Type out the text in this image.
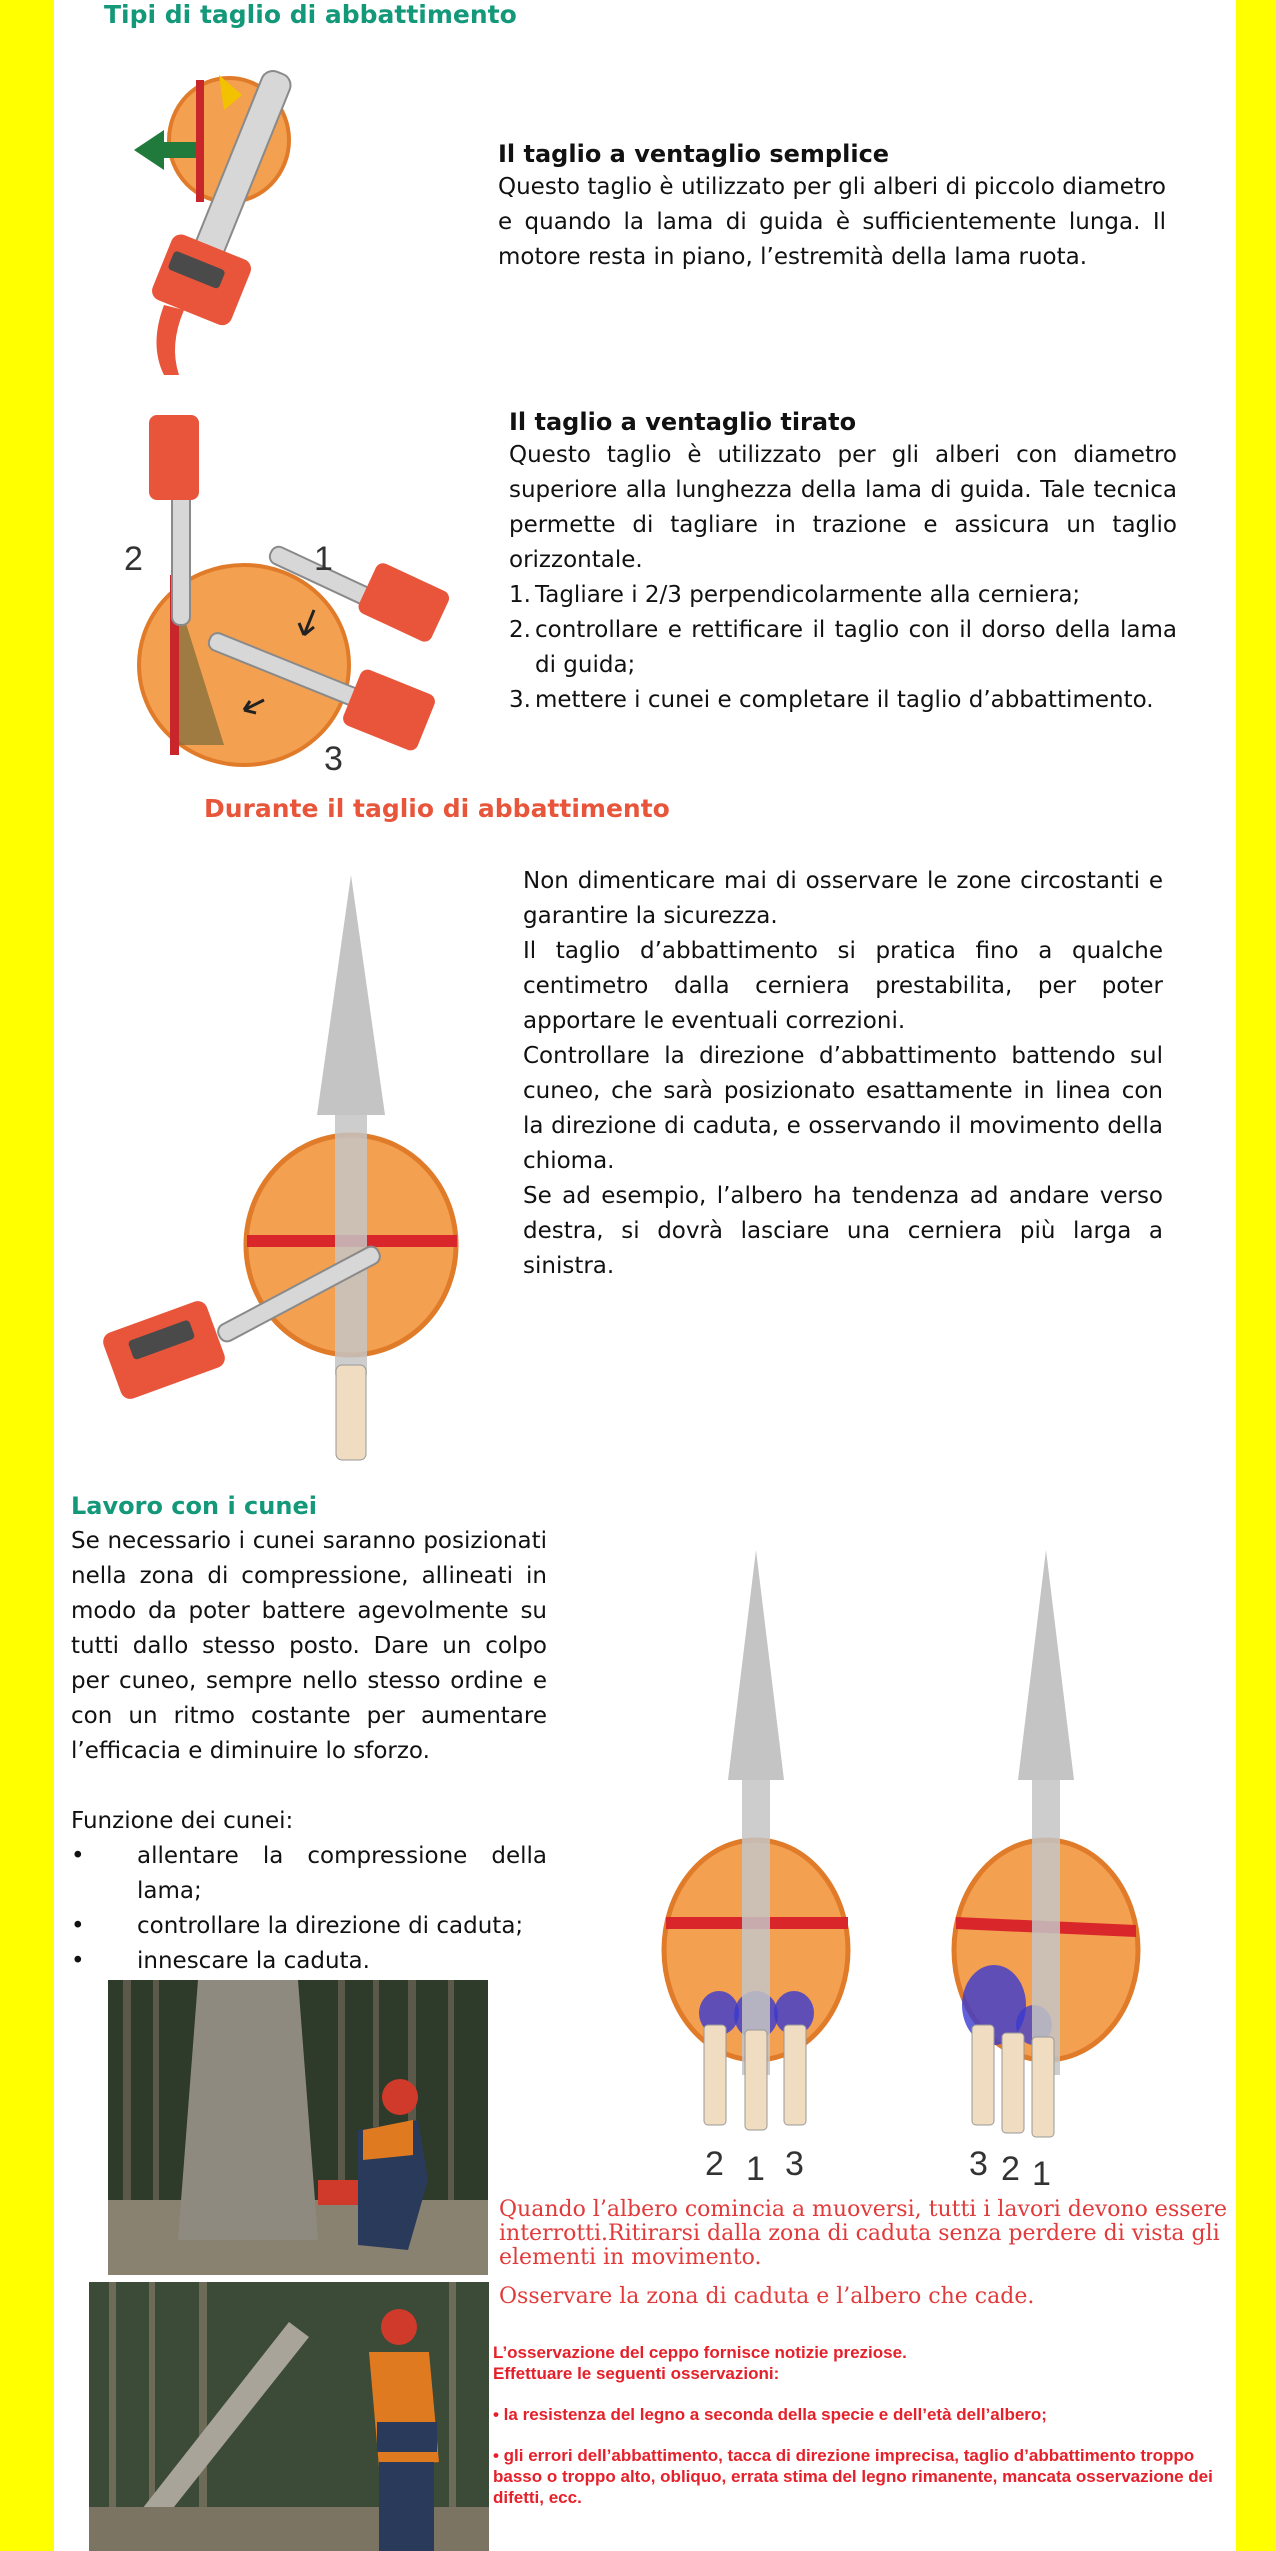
Tipi di taglio di abbattimento
Il taglio a ventaglio semplice
Questo taglio è utilizzato per gli alberi di piccolo diametro e quando la lama di guida è sufficientemente lunga. Il motore resta in piano, l’estremità della lama ruota.
1
2
3
Il taglio a ventaglio tirato
Questo taglio è utilizzato per gli alberi con diametro superiore alla lunghezza della lama di guida. Tale tecnica permette di tagliare in trazione e assicura un taglio orizzontale.
1. Tagliare i 2/3 perpendicolarmente alla cerniera;
2. controllare e rettificare il taglio con il dorso della lama di guida;
3. mettere i cunei e completare il taglio d’abbattimento.
Durante il taglio di abbattimento
Non dimenticare mai di osservare le zone circostanti e garantire la sicurezza.
Il taglio d’abbattimento si pratica fino a qualche centimetro dalla cerniera prestabilita, per poter apportare le eventuali correzioni.
Controllare la direzione d’abbattimento battendo sul cuneo, che sarà posizionato esattamente in linea con la direzione di caduta, e osservando il movimento della chioma.
Se ad esempio, l’albero ha tendenza ad andare verso destra, si dovrà lasciare una cerniera più larga a sinistra.
Lavoro con i cunei
Se necessario i cunei saranno posizionati nella zona di compressione, allineati in modo da poter battere agevolmente su tutti dallo stesso posto. Dare un colpo per cuneo, sempre nello stesso ordine e con un ritmo costante per aumentare l’efficacia e diminuire lo sforzo.
Funzione dei cunei:
•	allentare la compressione della lama;
•	controllare la direzione di caduta;
•	innescare la caduta.
2 1 3	3 2 1
Quando l’albero comincia a muoversi, tutti i lavori devono essere interrotti.Ritirarsi dalla zona di caduta senza perdere di vista gli elementi in movimento.
Osservare la zona di caduta e l’albero che cade.
L’osservazione del ceppo fornisce notizie preziose.
Effettuare le seguenti osservazioni:
• la resistenza del legno a seconda della specie e dell’età dell’albero;
• gli errori dell’abbattimento, tacca di direzione imprecisa, taglio d’abbattimento troppo basso o troppo alto, obliquo, errata stima del legno rimanente, mancata osservazione dei difetti, ecc.
